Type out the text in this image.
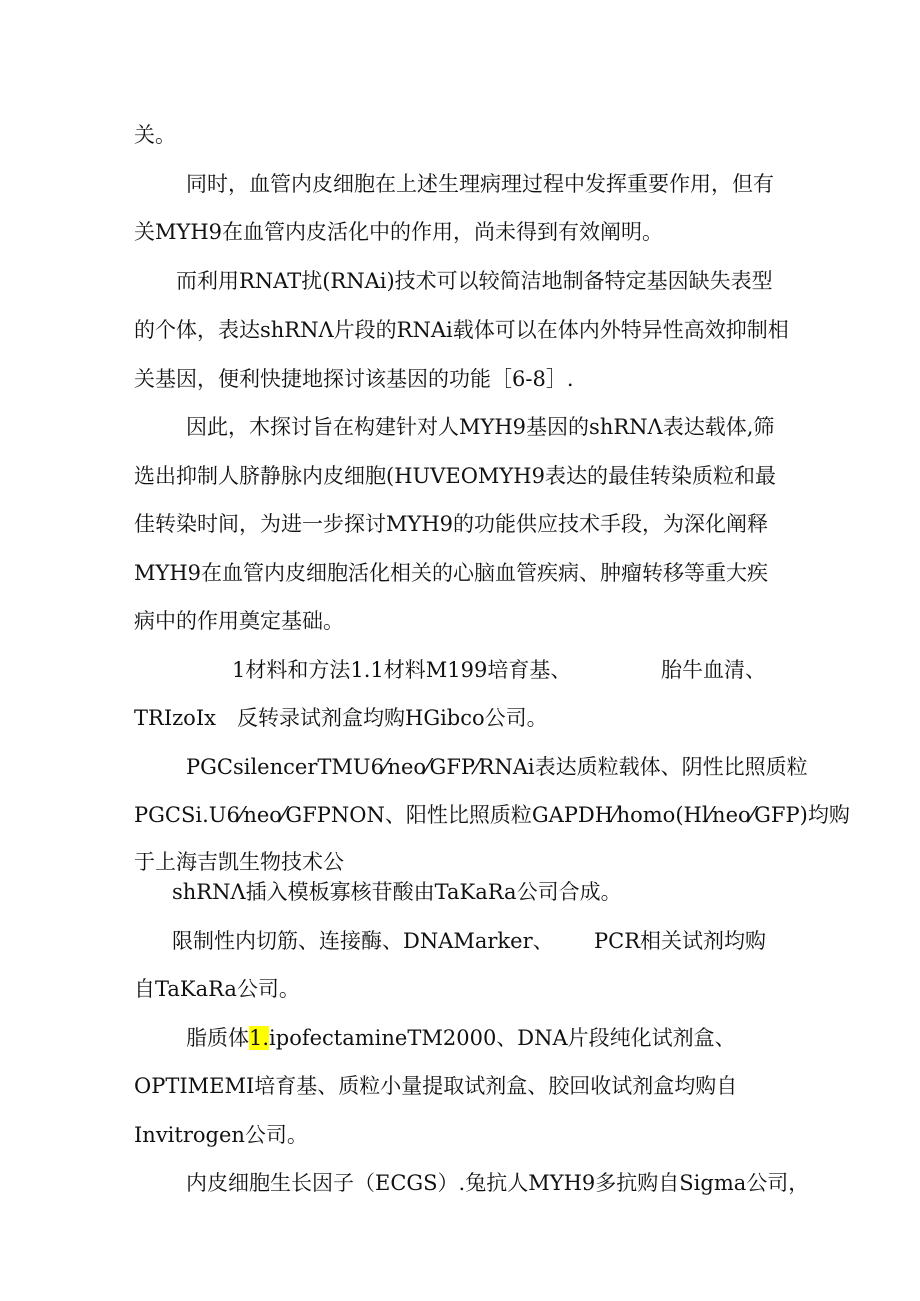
关。
同时，血管内皮细胞在上述生理病理过程中发挥重要作用，但有
关MYH9在血管内皮活化中的作用，尚未得到有效阐明。
而利用RNAT扰(RNAi)技术可以较简洁地制备特定基因缺失表型
的个体，表达shRNΛ片段的RNAi载体可以在体内外特异性高效抑制相
关基因，便利快捷地探讨该基因的功能［6-8］.
因此，木探讨旨在构建针对人MYH9基因的shRNΛ表达载体,筛
选出抑制人脐静脉内皮细胞(HUVEOMYH9表达的最佳转染质粒和最
佳转染时间，为进一步探讨MYH9的功能供应技术手段，为深化阐释
MYH9在血管内皮细胞活化相关的心脑血管疾病、肿瘤转移等重大疾
病中的作用奠定基础。
1材料和方法1.1材料M199培育基、	胎牛血清、
TRIzoIx 反转录试剂盒均购HGibco公司。
PGCsilencerTMU6⁄neo⁄GFP⁄RNAi表达质粒载体、阴性比照质粒
PGCSi.U6⁄neo⁄GFPNON、阳性比照质粒GAPDH⁄homo(Hl⁄neo⁄GFP)均购
于上海吉凯生物技术公
shRNΛ插入模板寡核苷酸由TaKaRa公司合成。
限制性内切筋、连接酶、DNAMarker、 PCR相关试剂均购
自TaKaRa公司。
脂质体1.ipofectamineTM2000、DNA片段纯化试剂盒、
OPTIMEMI培育基、质粒小量提取试剂盒、胶回收试剂盒均购自
Invitrogen公司。
内皮细胞生长因子（ECGS）.兔抗人MYH9多抗购自Sigma公司，
